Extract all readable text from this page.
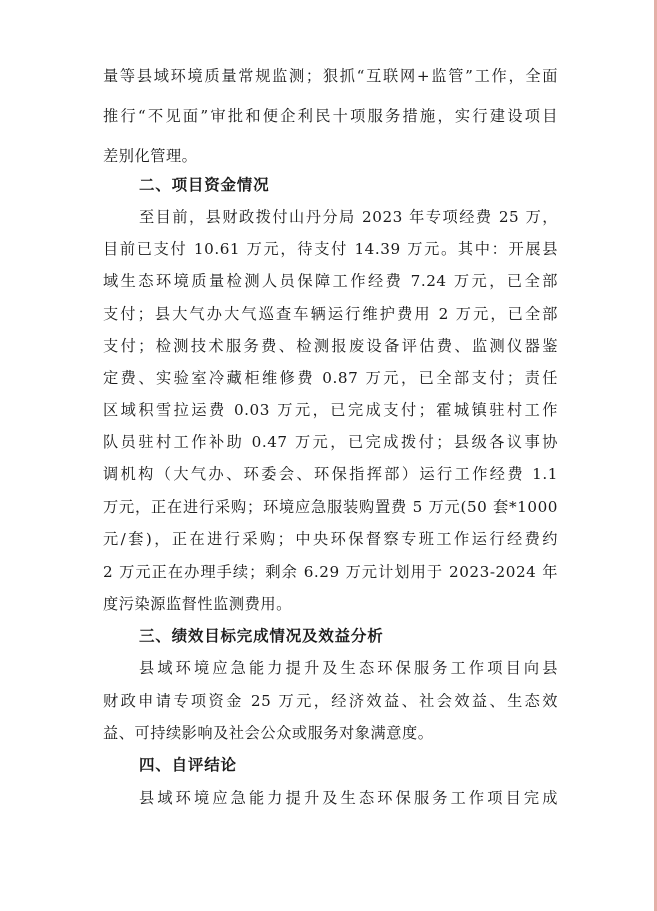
量等县域环境质量常规监测；狠抓“互联网+监管”工作，全面
推行“不见面”审批和便企利民十项服务措施，实行建设项目
差别化管理。
二、项目资金情况
至目前，县财政拨付山丹分局 2023 年专项经费 25 万，
目前已支付 10.61 万元，待支付 14.39 万元。其中：开展县
域生态环境质量检测人员保障工作经费 7.24 万元，已全部
支付；县大气办大气巡查车辆运行维护费用 2 万元，已全部
支付；检测技术服务费、检测报废设备评估费、监测仪器鉴
定费、实验室冷藏柜维修费 0.87 万元，已全部支付；责任
区域积雪拉运费 0.03 万元，已完成支付；霍城镇驻村工作
队员驻村工作补助 0.47 万元，已完成拨付；县级各议事协
调机构（大气办、环委会、环保指挥部）运行工作经费 1.1
万元，正在进行采购；环境应急服装购置费 5 万元(50 套*1000
元/套)，正在进行采购；中央环保督察专班工作运行经费约
2 万元正在办理手续；剩余 6.29 万元计划用于 2023-2024 年
度污染源监督性监测费用。
三、绩效目标完成情况及效益分析
县域环境应急能力提升及生态环保服务工作项目向县
财政申请专项资金 25 万元，经济效益、社会效益、生态效
益、可持续影响及社会公众或服务对象满意度。
四、自评结论
县域环境应急能力提升及生态环保服务工作项目完成
